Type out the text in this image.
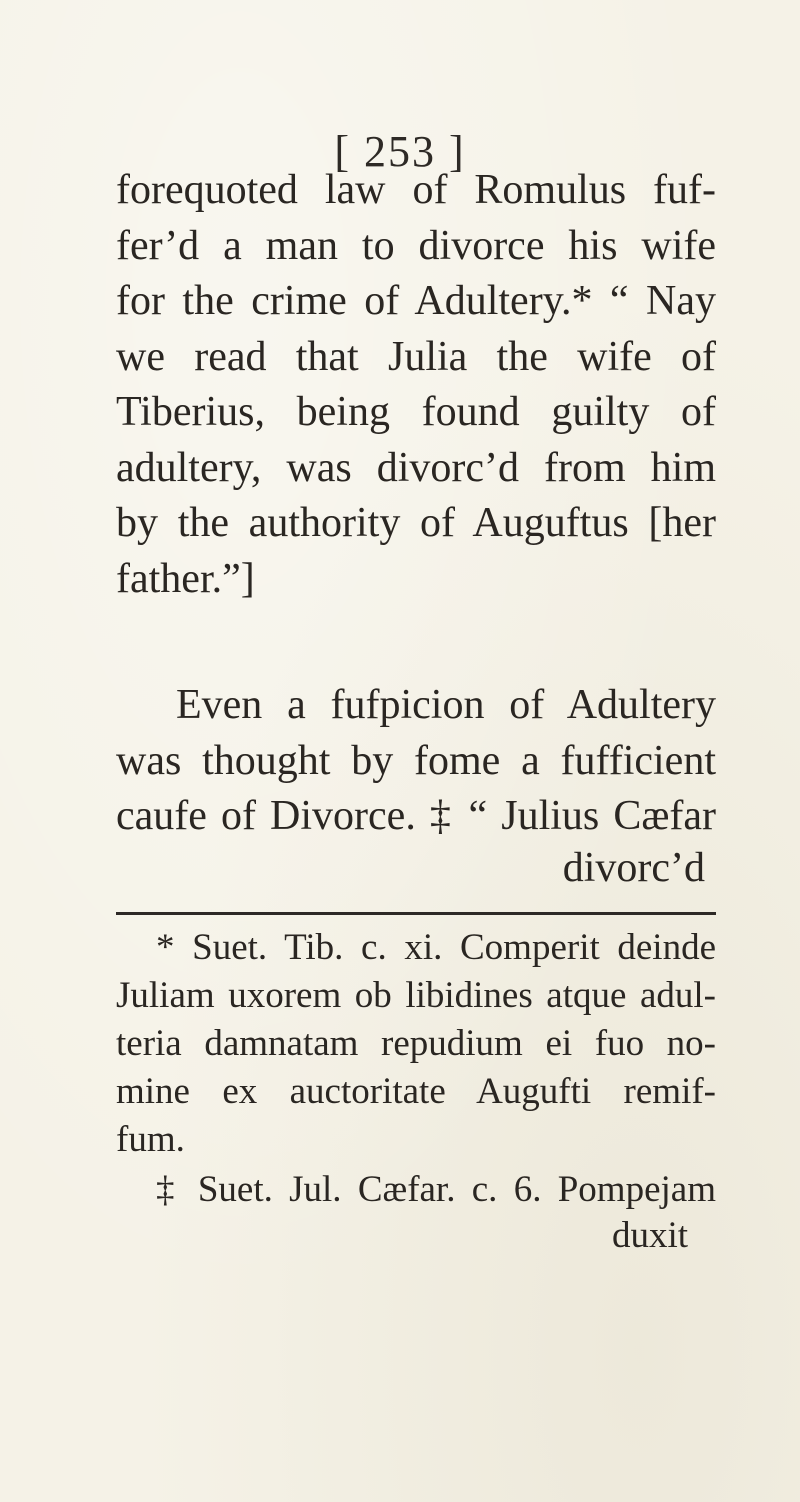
[ 253 ]
forequoted law of Romulus fuf-
fer’d a man to divorce his wife
for the crime of Adultery.* “ Nay
we read that Julia the wife of
Tiberius, being found guilty of
adultery, was divorc’d from him
by the authority of Auguftus [her
father.”]
Even a fufpicion of Adultery
was thought by fome a fufficient
caufe of Divorce. ‡ “ Julius Cæfar
divorc’d
* Suet. Tib. c. xi. Comperit deinde
Juliam uxorem ob libidines atque adul-
teria damnatam repudium ei fuo no-
mine ex auctoritate Augufti remif-
fum.
‡ Suet. Jul. Cæfar. c. 6. Pompejam
duxit
